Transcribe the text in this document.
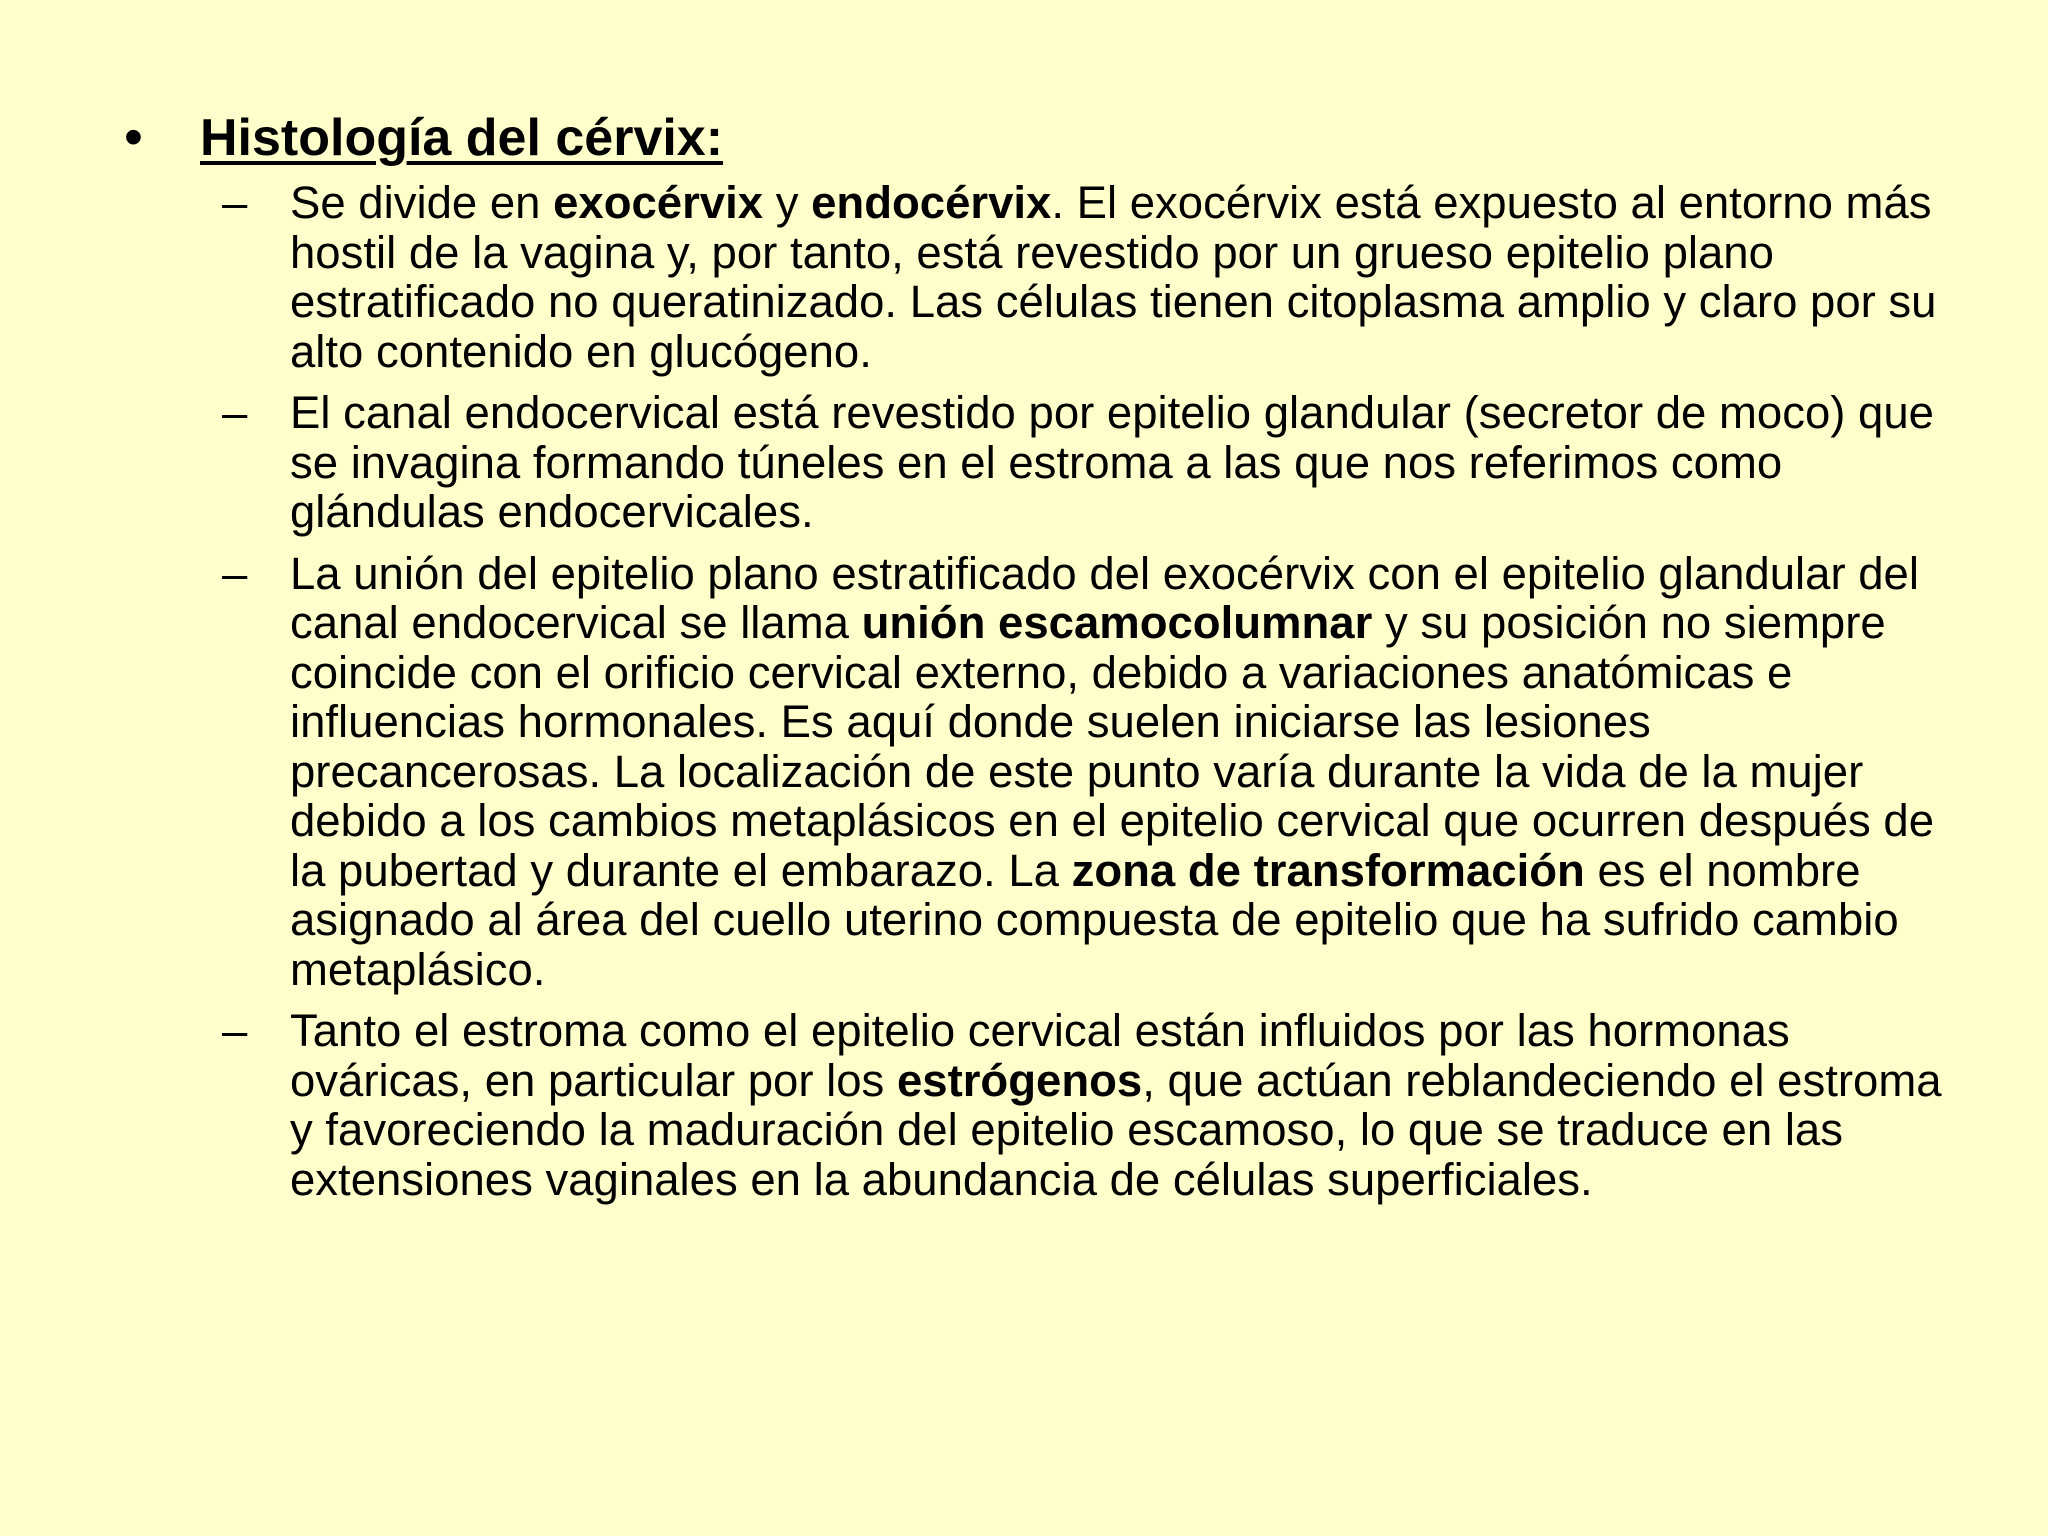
•	Histología del cérvix:
– Se divide en exocérvix y endocérvix. El exocérvix está expuesto al entorno más hostil de la vagina y, por tanto, está revestido por un grueso epitelio plano estratificado no queratinizado. Las células tienen citoplasma amplio y claro por su alto contenido en glucógeno.
– El canal endocervical está revestido por epitelio glandular (secretor de moco) que se invagina formando túneles en el estroma a las que nos referimos como glándulas endocervicales.
– La unión del epitelio plano estratificado del exocérvix con el epitelio glandular del canal endocervical se llama unión escamocolumnar y su posición no siempre coincide con el orificio cervical externo, debido a variaciones anatómicas e influencias hormonales. Es aquí donde suelen iniciarse las lesiones precancerosas. La localización de este punto varía durante la vida de la mujer debido a los cambios metaplásicos en el epitelio cervical que ocurren después de la pubertad y durante el embarazo. La zona de transformación es el nombre asignado al área del cuello uterino compuesta de epitelio que ha sufrido cambio metaplásico.
– Tanto el estroma como el epitelio cervical están influidos por las hormonas ováricas, en particular por los estrógenos, que actúan reblandeciendo el estroma y favoreciendo la maduración del epitelio escamoso, lo que se traduce en las extensiones vaginales en la abundancia de células superficiales.
